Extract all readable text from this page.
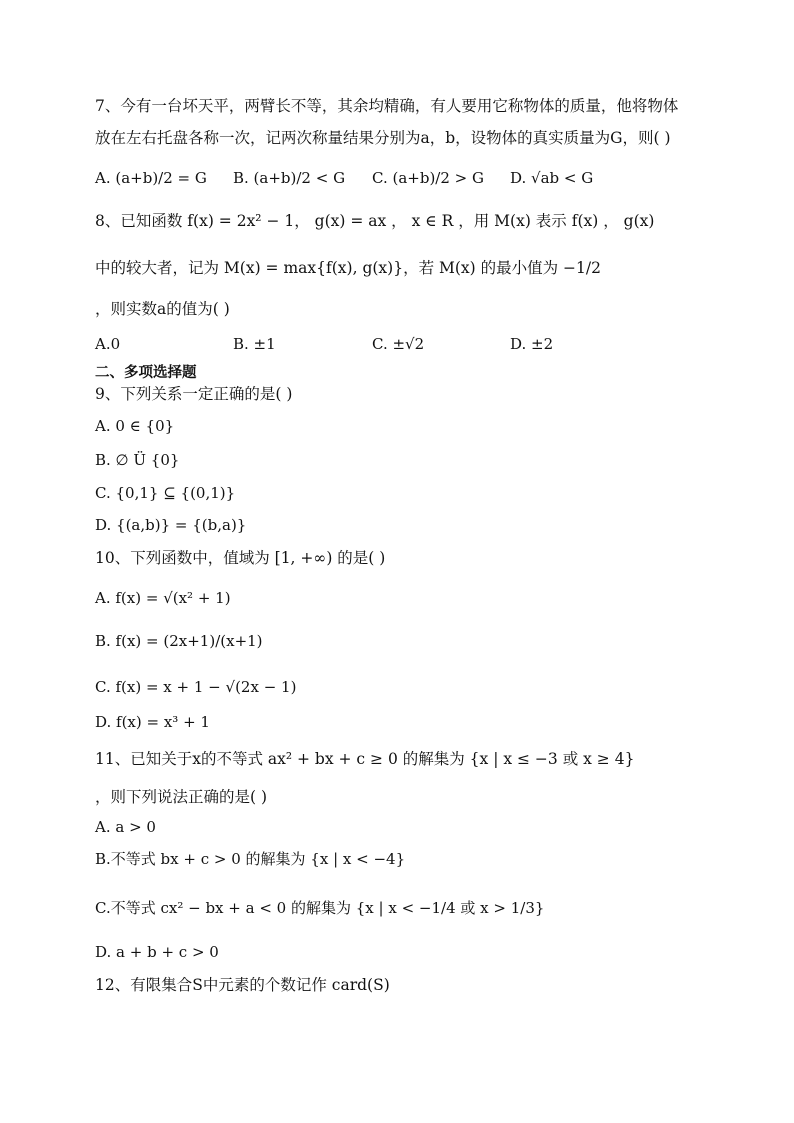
7、今有一台坏天平，两臂长不等，其余均精确，有人要用它称物体的质量，他将物体
放在左右托盘各称一次，记两次称量结果分别为a，b，设物体的真实质量为G，则( )
A. (a+b)/2 = G B. (a+b)/2 < G C. (a+b)/2 > G D. √ab < G
8、已知函数 f(x) = 2x² − 1， g(x) = ax ， x ∈ R ，用 M(x) 表示 f(x) ， g(x)
中的较大者，记为 M(x) = max{f(x), g(x)}，若 M(x) 的最小值为 −1/2
，则实数a的值为( )
A.0	B. ±1	C. ±√2	D. ±2
二、多项选择题
9、下列关系一定正确的是( )
A. 0 ∈ {0}
B. ∅ Ü {0}
C. {0,1} ⊆ {(0,1)}
D. {(a,b)} = {(b,a)}
10、下列函数中，值域为 [1, +∞) 的是( )
A. f(x) = √(x² + 1)
B. f(x) = (2x+1)/(x+1)
C. f(x) = x + 1 − √(2x − 1)
D. f(x) = x³ + 1
11、已知关于x的不等式 ax² + bx + c ≥ 0 的解集为 {x | x ≤ −3 或 x ≥ 4}
，则下列说法正确的是( )
A. a > 0
B.不等式 bx + c > 0 的解集为 {x | x < −4}
C.不等式 cx² − bx + a < 0 的解集为 {x | x < −1/4 或 x > 1/3}
D. a + b + c > 0
12、有限集合S中元素的个数记作 card(S)
